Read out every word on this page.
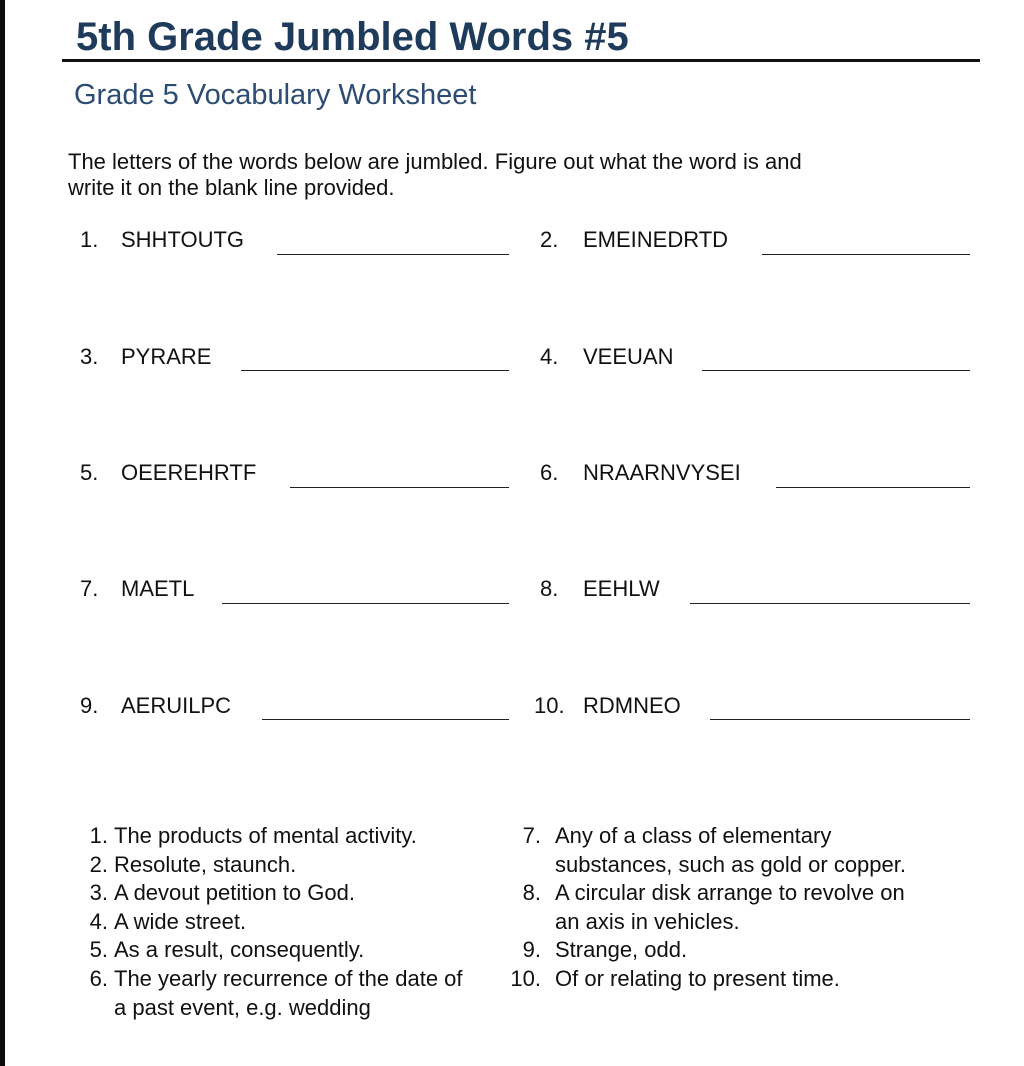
5th Grade Jumbled Words #5
Grade 5 Vocabulary Worksheet
The letters of the words below are jumbled. Figure out what the word is and
write it on the blank line provided.
1. SHHTOUTG	2. EMEINEDRTD
3. PYRARE	4. VEEUAN
5. OEEREHRTF	6. NRAARNVYSEI
7. MAETL	8. EEHLW
9. AERUILPC	10. RDMNEO
1. The products of mental activity.
2. Resolute, staunch.
3. A devout petition to God.
4. A wide street.
5. As a result, consequently.
6. The yearly recurrence of the date of
a past event, e.g. wedding
7. Any of a class of elementary
substances, such as gold or copper.
8. A circular disk arrange to revolve on
an axis in vehicles.
9. Strange, odd.
10. Of or relating to present time.
